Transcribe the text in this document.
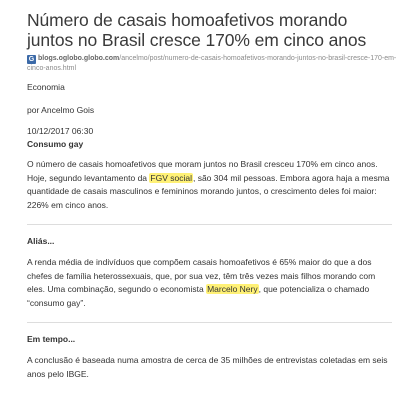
Número de casais homoafetivos morando juntos no Brasil cresce 170% em cinco anos
G blogs.oglobo.globo.com/ancelmo/post/numero-de-casais-homoafetivos-morando-juntos-no-brasil-cresce-170-em-cinco-anos.html

Economia

por Ancelmo Gois

10/12/2017 06:30

Consumo gay

O número de casais homoafetivos que moram juntos no Brasil cresceu 170% em cinco anos. Hoje, segundo levantamento da FGV social, são 304 mil pessoas. Embora agora haja a mesma quantidade de casais masculinos e femininos morando juntos, o crescimento deles foi maior: 226% em cinco anos.

Aliás...

A renda média de indivíduos que compõem casais homoafetivos é 65% maior do que a dos chefes de família heterossexuais, que, por sua vez, têm três vezes mais filhos morando com eles. Uma combinação, segundo o economista Marcelo Nery, que potencializa o chamado “consumo gay”.

Em tempo...

A conclusão é baseada numa amostra de cerca de 35 milhões de entrevistas coletadas em seis anos pelo IBGE.
